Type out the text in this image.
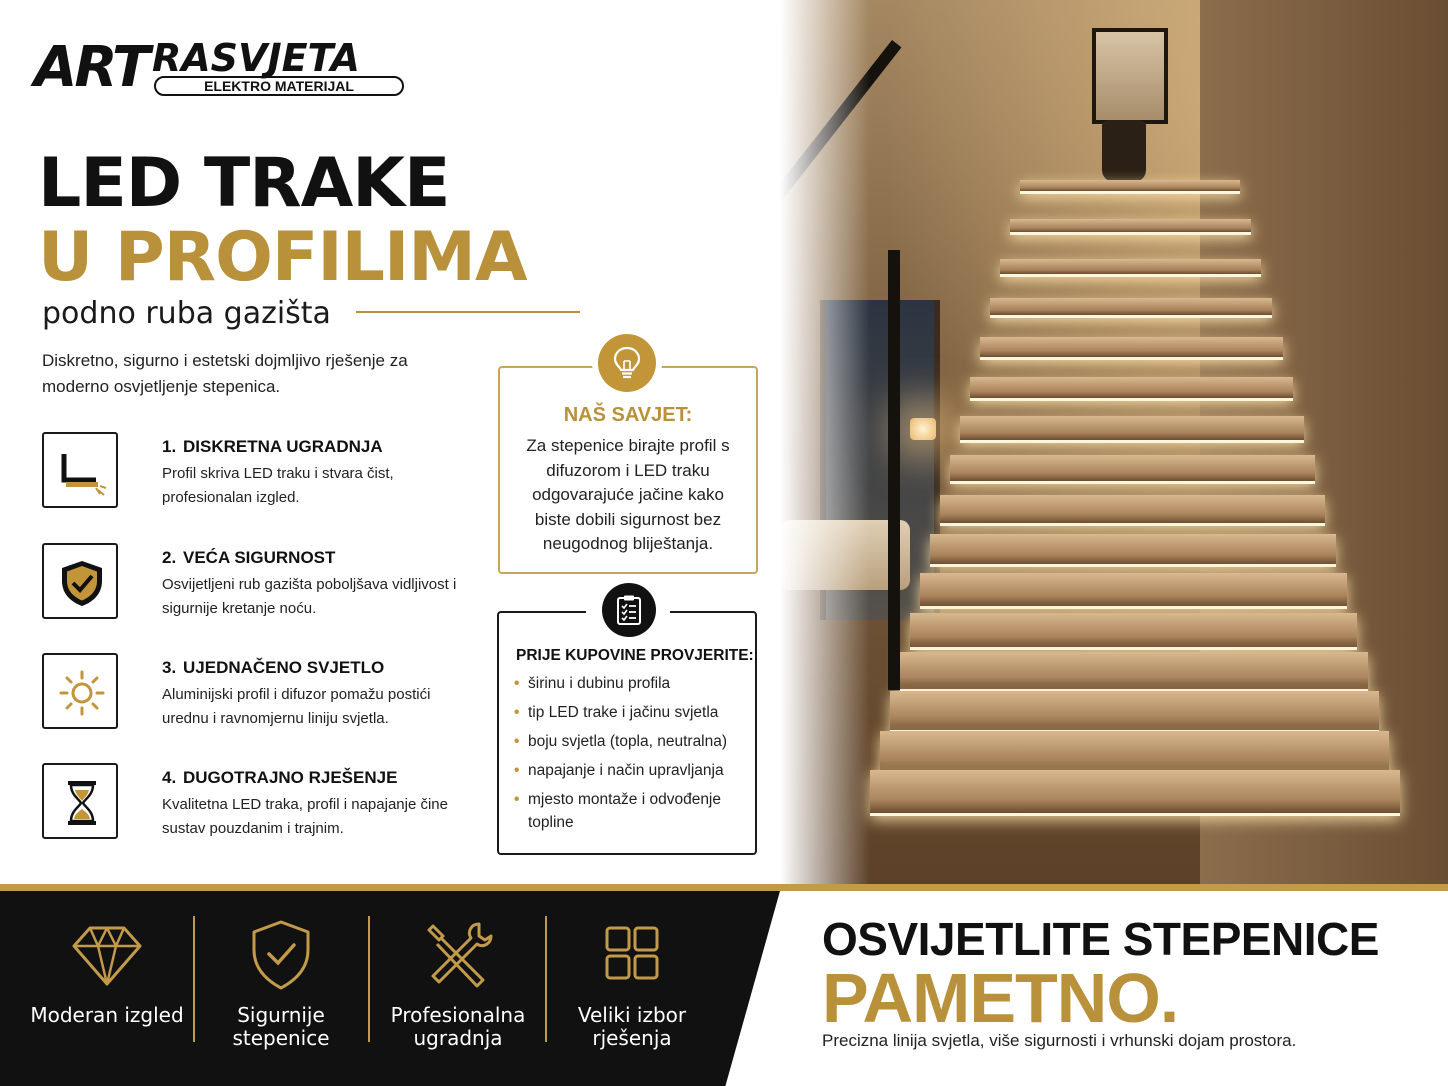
ART RASVJETA
ELEKTRO MATERIJAL
LED TRAKE
U PROFILIMA
podno ruba gazišta
Diskretno, sigurno i estetski dojmljivo rješenje za moderno osvjetljenje stepenica.
1. DISKRETNA UGRADNJA
Profil skriva LED traku i stvara čist, profesionalan izgled.
2. VEĆA SIGURNOST
Osvijetljeni rub gazišta poboljšava vidljivost i sigurnije kretanje noću.
3. UJEDNAČENO SVJETLO
Aluminijski profil i difuzor pomažu postići urednu i ravnomjernu liniju svjetla.
4. DUGOTRAJNO RJEŠENJE
Kvalitetna LED traka, profil i napajanje čine sustav pouzdanim i trajnim.
NAŠ SAVJET:
Za stepenice birajte profil s difuzorom i LED traku odgovarajuće jačine kako biste dobili sigurnost bez neugodnog bliještanja.
PRIJE KUPOVINE PROVJERITE:
• širinu i dubinu profila
• tip LED trake i jačinu svjetla
• boju svjetla (topla, neutralna)
• napajanje i način upravljanja
• mjesto montaže i odvođenje topline
Moderan izgled	Sigurnije stepenice
Profesionalna ugradnja
Veliki izbor rješenja
OSVIJETLITE STEPENICE
PAMETNO.
Precizna linija svjetla, više sigurnosti i vrhunski dojam prostora.
